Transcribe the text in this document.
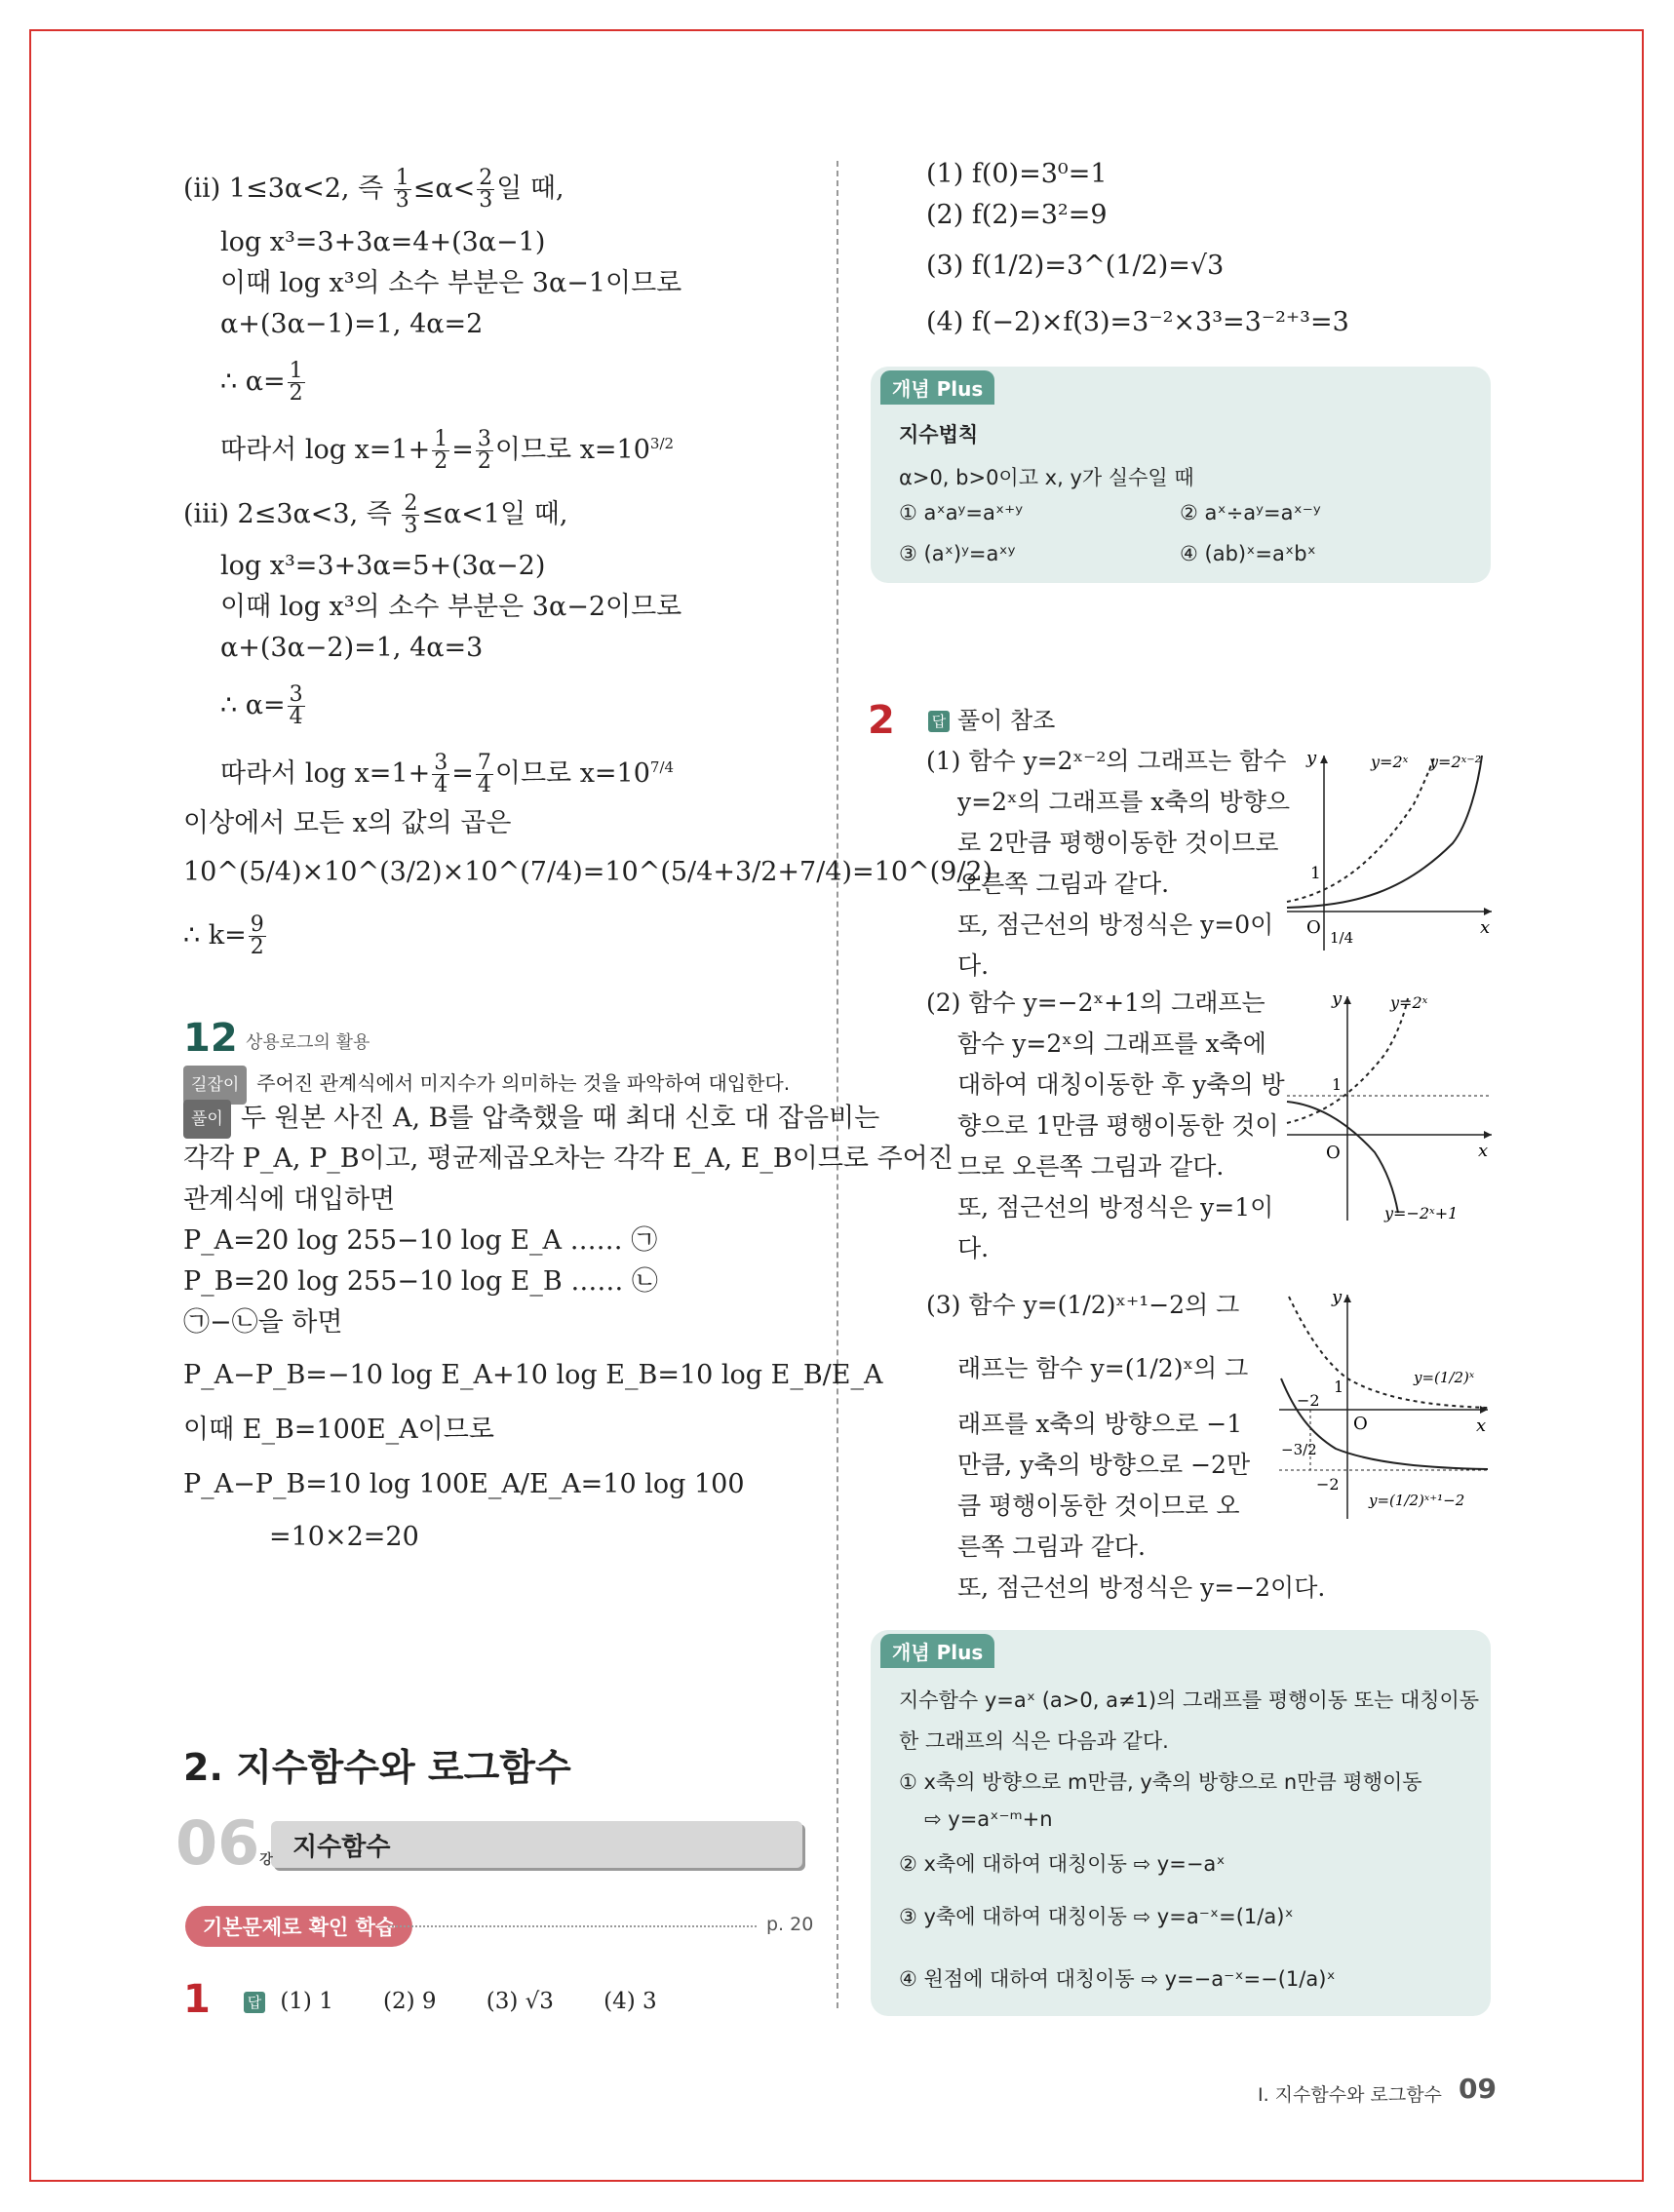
(ii) 1≤3α<2, 즉 $\frac{1}{3} \le\alpha< \frac{2}{3}$ 일 때,
log x³=3+3α=4+(3α−1)
이때 log x³의 소수 부분은 3α−1이므로
α+(3α−1)=1, 4α=2
∴ $\alpha= \frac{1}{2}$
따라서 $\log x=1+ \frac{1}{2} = \frac{3}{2}$ 이므로 $x=10^{3/2}$
(iii) 2≤3α<3, 즉 $\frac{2}{3} \le\alpha<1$일 때,
log x³=3+3α=5+(3α−2)
이때 log x³의 소수 부분은 3α−2이므로
α+(3α−2)=1, 4α=3
∴ $\alpha= \frac{3}{4}$
따라서 $\log x=1+ \frac{3}{4} = \frac{7}{4}$ 이므로 $x=10^{7/4}$
이상에서 모든 x의 값의 곱은
10^(5/4)×10^(3/2)×10^(7/4)=10^(5/4+3/2+7/4)=10^(9/2)
∴ $k= \frac{9}{2}$
12 상용로그의 활용
길잡이 주어진 관계식에서 미지수가 의미하는 것을 파악하여 대입한다.
풀이 두 원본 사진 A, B를 압축했을 때 최대 신호 대 잡음비는
각각 P_A, P_B이고, 평균제곱오차는 각각 E_A, E_B이므로 주어진
관계식에 대입하면
P_A=20 log 255−10 log E_A …… ㉠
P_B=20 log 255−10 log E_B …… ㉡
㉠−㉡을 하면
P_A−P_B=−10 log E_A+10 log E_B=10 log E_B/E_A
이때 E_B=100E_A이므로
P_A−P_B=10 log 100E_A/E_A=10 log 100
=10×2=20
2. 지수함수와 로그함수
06강 지수함수
기본문제로 확인 학습	p. 20
1	답 (1) 1 (2) 9 (3) √3 (4) 3
(1) f(0)=3⁰=1
(2) f(2)=3²=9
(3) f(1/2)=3^(1/2)=√3
(4) f(−2)×f(3)=3⁻²×3³=3⁻²⁺³=3
개념 Plus
지수법칙
α>0, b>0이고 x, y가 실수일 때
① aˣaʸ=aˣ⁺ʸ	② aˣ÷aʸ=aˣ⁻ʸ
③ (aˣ)ʸ=aˣʸ	④ (ab)ˣ=aˣbˣ
2	답 풀이 참조
(1) 함수 y=2ˣ⁻²의 그래프는 함수
y=2ˣ의 그래프를 x축의 방향으
로 2만큼 평행이동한 것이므로
오른쪽 그림과 같다.
또, 점근선의 방정식은 y=0이
다.
y
x
O
1
y=2ˣ y=2ˣ⁻²
1/4
(2) 함수 y=−2ˣ+1의 그래프는
함수 y=2ˣ의 그래프를 x축에
대하여 대칭이동한 후 y축의 방
향으로 1만큼 평행이동한 것이
므로 오른쪽 그림과 같다.
또, 점근선의 방정식은 y=1이
다.
y
x
O
1
y=2ˣ
y=−2ˣ+1
(3) 함수 y=(1/2)ˣ⁺¹−2의 그
래프는 함수 y=(1/2)ˣ의 그
래프를 x축의 방향으로 −1
만큼, y축의 방향으로 −2만
큼 평행이동한 것이므로 오
른쪽 그림과 같다.
또, 점근선의 방정식은 y=−2이다.
y
x
O
1
−2
−2
−3/2
y=(1/2)ˣ
y=(1/2)ˣ⁺¹−2
개념 Plus
지수함수 y=aˣ (a>0, a≠1)의 그래프를 평행이동 또는 대칭이동
한 그래프의 식은 다음과 같다.
① x축의 방향으로 m만큼, y축의 방향으로 n만큼 평행이동
⇨ y=aˣ⁻ᵐ+n
② x축에 대하여 대칭이동 ⇨ y=−aˣ
③ y축에 대하여 대칭이동 ⇨ y=a⁻ˣ=(1/a)ˣ
④ 원점에 대하여 대칭이동 ⇨ y=−a⁻ˣ=−(1/a)ˣ
Ⅰ. 지수함수와 로그함수 09
